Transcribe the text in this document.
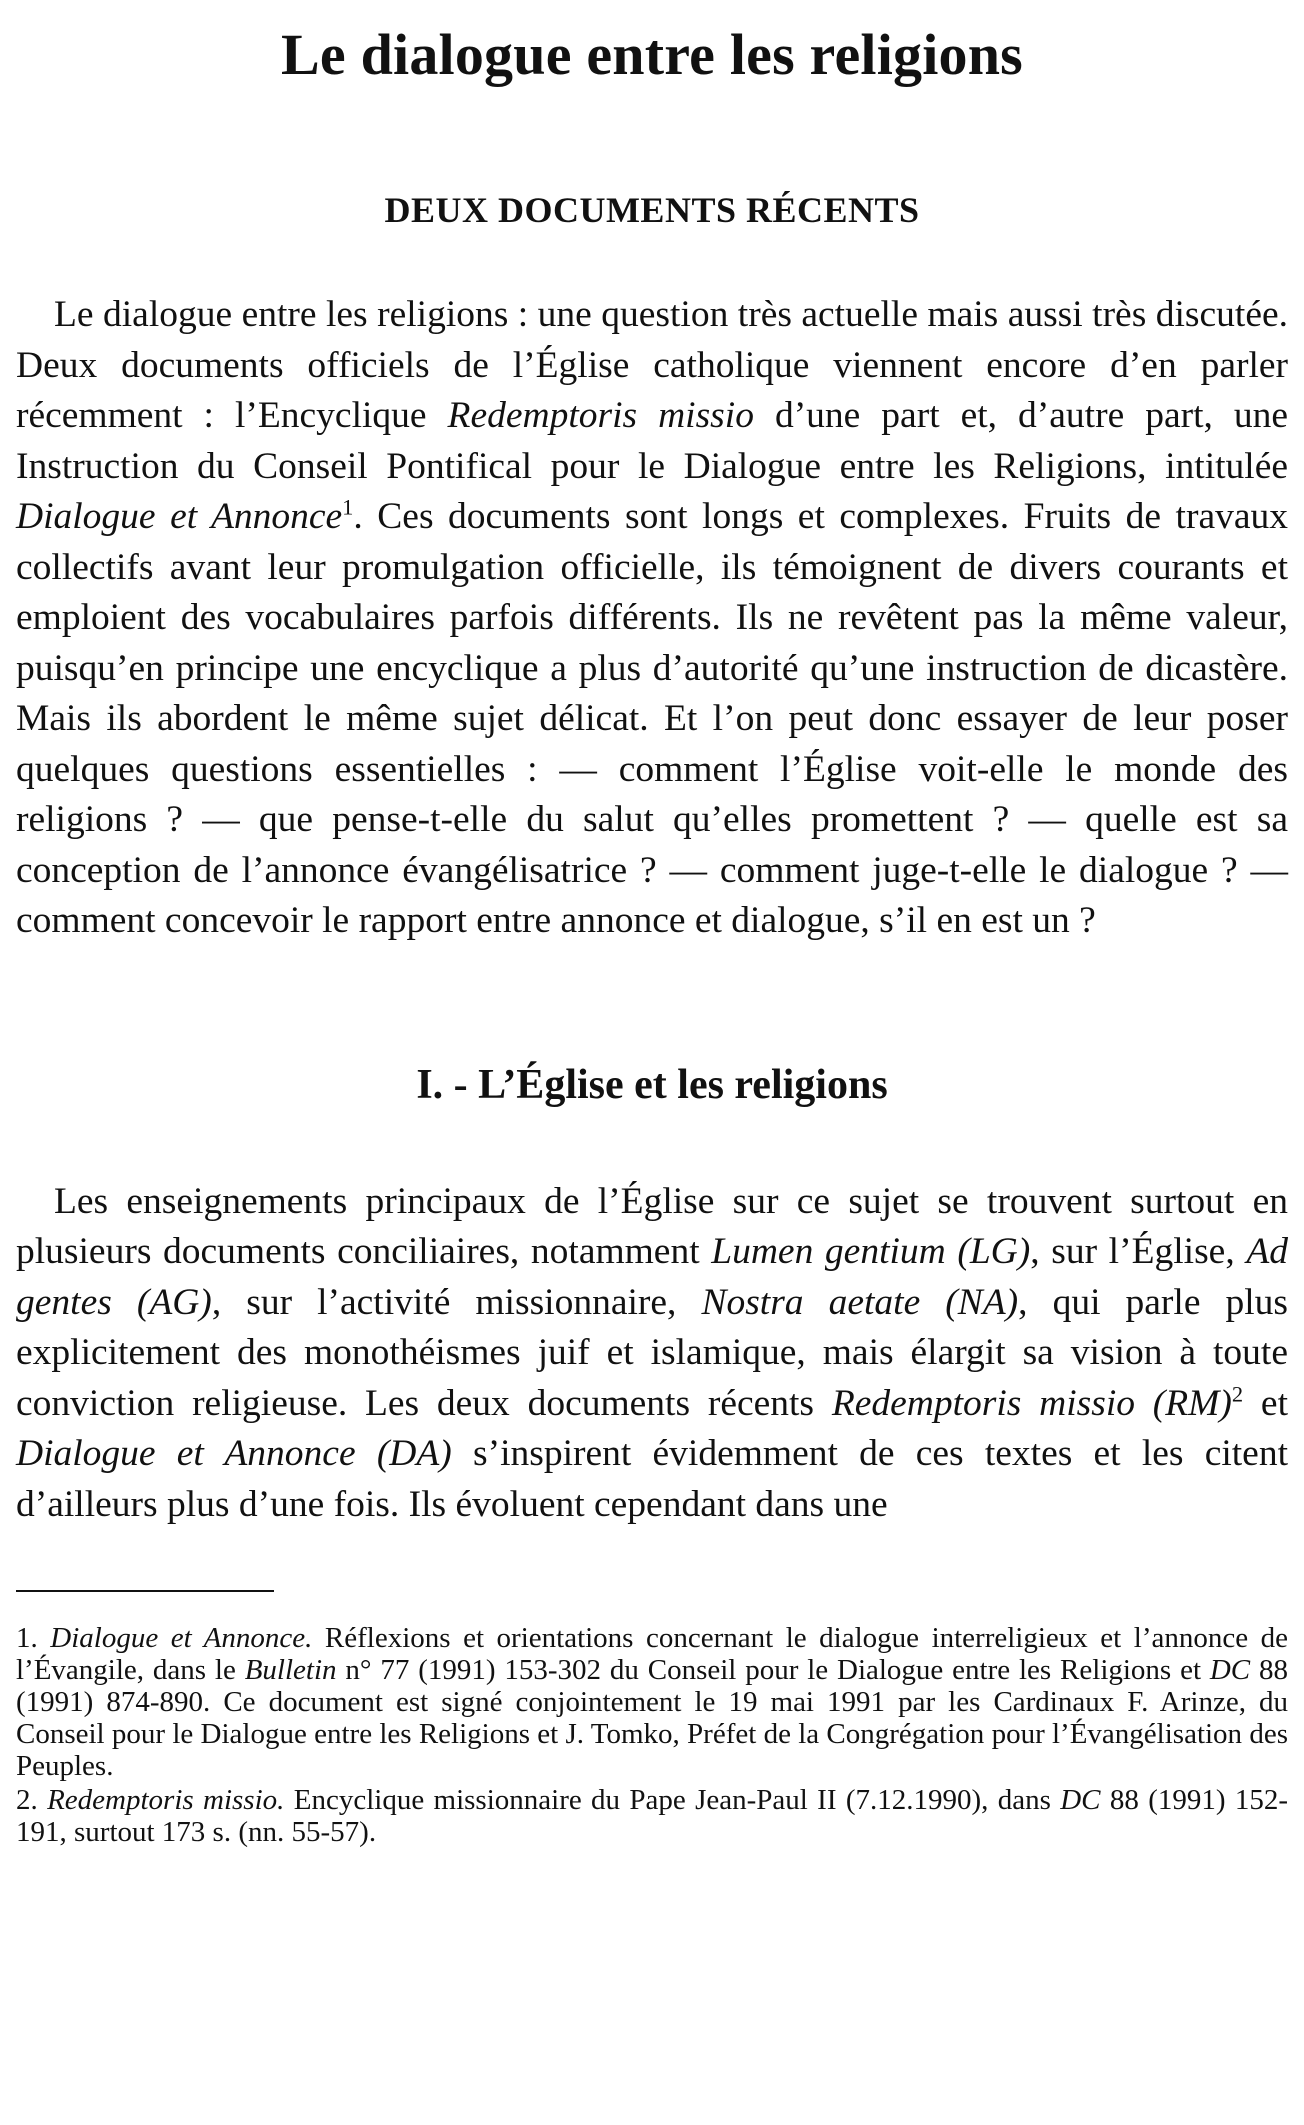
Le dialogue entre les religions
DEUX DOCUMENTS RÉCENTS

Le dialogue entre les religions : une question très actuelle mais aussi très discutée. Deux documents officiels de l’Église catholique viennent encore d’en parler récemment : l’Encyclique Redemptoris missio d’une part et, d’autre part, une Instruction du Conseil Pontifical pour le Dialogue entre les Religions, intitulée Dialogue et Annonce$^1$. Ces documents sont longs et complexes. Fruits de travaux collectifs avant leur promulgation officielle, ils témoignent de divers courants et emploient des vocabulaires parfois différents. Ils ne revêtent pas la même valeur, puisqu’en principe une encyclique a plus d’autorité qu’une instruction de dicastère. Mais ils abordent le même sujet délicat. Et l’on peut donc essayer de leur poser quelques questions essentielles : — comment l’Église voit-elle le monde des religions ? — que pense-t-elle du salut qu’elles promettent ? — quelle est sa conception de l’annonce évangélisatrice ? — comment juge-t-elle le dialogue ? — comment concevoir le rapport entre annonce et dialogue, s’il en est un ?

I. - L’Église et les religions

Les enseignements principaux de l’Église sur ce sujet se trouvent surtout en plusieurs documents conciliaires, notamment Lumen gentium (LG), sur l’Église, Ad gentes (AG), sur l’activité missionnaire, Nostra aetate (NA), qui parle plus explicitement des monothéismes juif et islamique, mais élargit sa vision à toute conviction religieuse. Les deux documents récents Redemptoris missio (RM)$^2$ et Dialogue et Annonce (DA) s’inspirent évidemment de ces textes et les citent d’ailleurs plus d’une fois. Ils évoluent cependant dans une

1. Dialogue et Annonce. Réflexions et orientations concernant le dialogue interreligieux et l’annonce de l’Évangile, dans le Bulletin n° 77 (1991) 153-302 du Conseil pour le Dialogue entre les Religions et DC 88 (1991) 874-890. Ce document est signé conjointement le 19 mai 1991 par les Cardinaux F. Arinze, du Conseil pour le Dialogue entre les Religions et J. Tomko, Préfet de la Congrégation pour l’Évangélisation des Peuples.

2. Redemptoris missio. Encyclique missionnaire du Pape Jean-Paul II (7.12.1990), dans DC 88 (1991) 152-191, surtout 173 s. (nn. 55-57).
